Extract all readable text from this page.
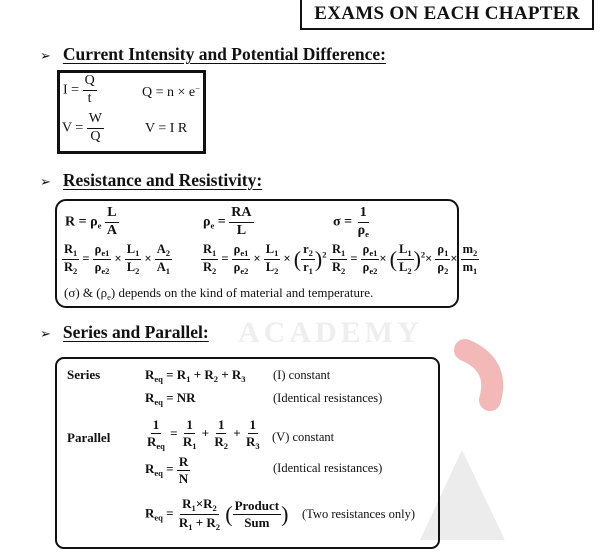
ACADEMY
EXAMS ON EACH CHAPTER
➢ Current Intensity and Potential Difference:
$I = \frac{Q}{t}$	Q = n × e−
$V = \frac{W}{Q}$	V = I R
➢ Resistance and Resistivity:
$R = \rho_e \frac{L}{A}$	$\rho_e = \frac{RA}{L}$	$\sigma = \frac{1}{\rho_e}$
$\frac{R_1}{R_2} = \frac{\rho_{e1}}{\rho_{e2}} \times \frac{L_1}{L_2} \times \frac{A_2}{A_1} \frac{R_1}{R_2} = \frac{\rho_{e1}}{\rho_{e2}} \times \frac{L_1}{L_2}$ × ( $\frac{r_2}{r_1} )^2 \frac{R_1}{R_2} = \frac{\rho_{e1}}{\rho_{e2}}$ × ( $\frac{L_1}{L_2} )^2\times \frac{\rho_1}{\rho_2} \times \frac{m_2}{m_1}$
(σ) & $(\rho_e)$ depends on the kind of material and temperature.
➢ Series and Parallel:
Series	$R_{eq} = R_1 + R_2 + R_3$ (I) constant
$R_{eq}$ = NR	(Identical resistances)
Parallel	$\frac{1}{R_{eq}} = \frac{1}{R_1} + \frac{1}{R_2} + \frac{1}{R_3} (V)$ constant
$R_{eq} = \frac{R}{N}$	(Identical resistances)
$R_{eq} = \frac{R_1\times R_2}{R_1 + R_2}$ ( $\frac{\text{Product}}{\text{Sum}}$ ) (Two resistances only)
